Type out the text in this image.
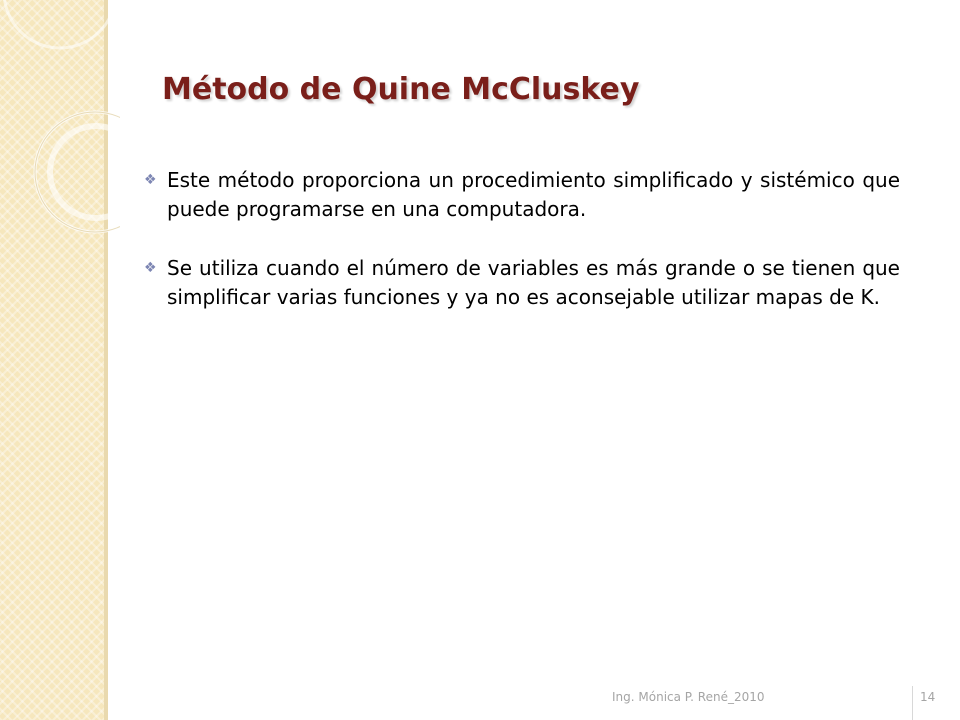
Método de Quine McCluskey
❖ Este método proporciona un procedimiento simplificado y sistémico que puede programarse en una computadora.
❖ Se utiliza cuando el número de variables es más grande o se tienen que simplificar varias funciones y ya no es aconsejable utilizar mapas de K.
Ing. Mónica P. René_2010	14
